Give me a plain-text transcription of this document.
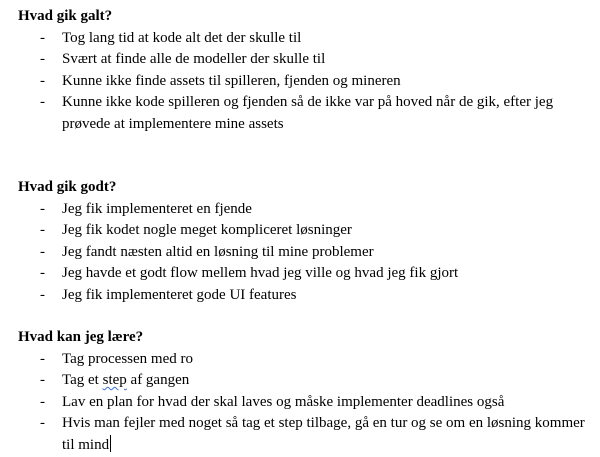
Hvad gik galt?

- Tog lang tid at kode alt det der skulle til
- Svært at finde alle de modeller der skulle til
- Kunne ikke finde assets til spilleren, fjenden og mineren
- Kunne ikke kode spilleren og fjenden så de ikke var på hoved når de gik, efter jeg prøvede at implementere mine assets

Hvad gik godt?

- Jeg fik implementeret en fjende
- Jeg fik kodet nogle meget kompliceret løsninger
- Jeg fandt næsten altid en løsning til mine problemer
- Jeg havde et godt flow mellem hvad jeg ville og hvad jeg fik gjort
- Jeg fik implementeret gode UI features

Hvad kan jeg lære?

- Tag processen med ro
- Tag et step af gangen
- Lav en plan for hvad der skal laves og måske implementer deadlines også
- Hvis man fejler med noget så tag et step tilbage, gå en tur og se om en løsning kommer til mind
